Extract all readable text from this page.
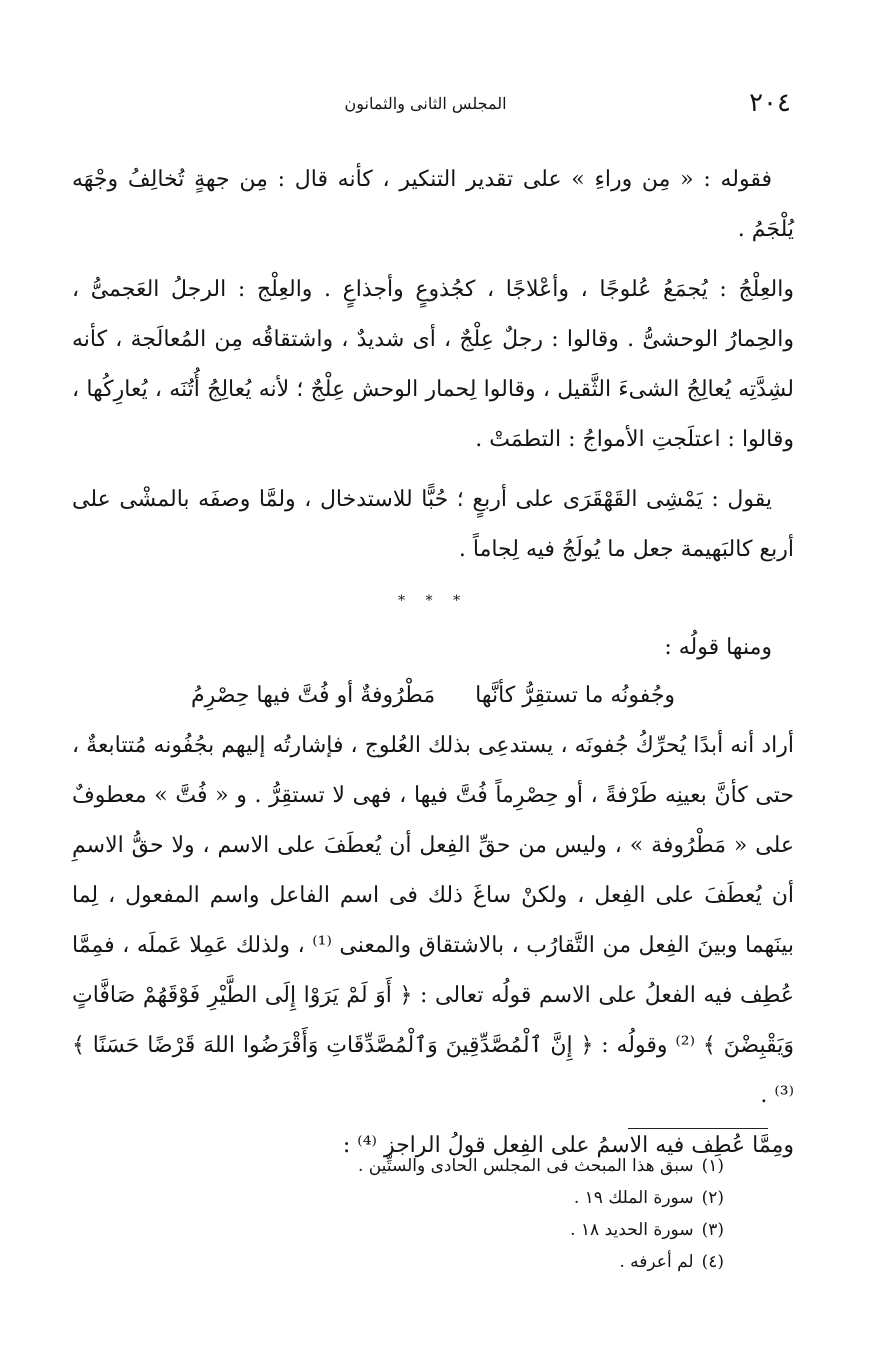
٢٠٤
المجلس الثانى والثمانون

فقوله : « مِن وراءِ » على تقدير التنكير ، كأنه قال : مِن جهةٍ تُخالِفُ وجْهَه يُلْجَمُ .

والعِلْجُ : يُجمَعُ عُلوجًا ، وأعْلاجًا ، كجُذوعٍ وأجذاعٍ . والعِلْج : الرجلُ العَجمىُّ ، والحِمارُ الوحشىُّ . وقالوا : رجلٌ عِلْجٌ ، أى شديدٌ ، واشتقاقُه مِن المُعالَجة ، كأنه لشِدَّتِه يُعالِجُ الشىءَ الثَّقيل ، وقالوا لِحمار الوحش عِلْجٌ ؛ لأنه يُعالِجُ أُتُنَه ، يُعارِكُها ، وقالوا : اعتلَجتِ الأمواجُ : التطمَتْ .

يقول : يَمْشِى القَهْقَرَى على أربعٍ ؛ حُبًّا للاستدخال ، ولمَّا وصفَه بالمشْى على أربع كالبَهيمة جعل ما يُولَجُ فيه لِجاماً .

* * *

ومنها قولُه :

وجُفونُه ما تستقِرُّ كأنَّها
مَطْرُوفةٌ أو فُتَّ فيها حِصْرِمُ

أراد أنه أبدًا يُحرِّكُ جُفونَه ، يستدعِى بذلك العُلوج ، فإشارتُه إليهم بجُفُونه مُتتابعةٌ ، حتى كأنَّ بعينِه طَرْفةً ، أو حِصْرِماً فُتَّ فيها ، فهى لا تستقِرُّ . و « فُتَّ » معطوفٌ على « مَطْرُوفة » ، وليس من حقِّ الفِعل أن يُعطَفَ على الاسم ، ولا حقُّ الاسمِ أن يُعطَفَ على الفِعل ، ولكنْ ساغَ ذلك فى اسم الفاعل واسم المفعول ، لِما بينَهما وبينَ الفِعل من التَّقارُب ، بالاشتقاق والمعنى ⁽¹⁾ ، ولذلك عَمِلا عَملَه ، فمِمَّا عُطِف فيه الفعلُ على الاسم قولُه تعالى : ﴿ أَوَ لَمْ يَرَوْا إِلَى الطَّيْرِ فَوْقَهُمْ صَافَّاتٍ وَيَقْبِضْنَ ﴾ ⁽²⁾ وقولُه : ﴿ إِنَّ ٱلْمُصَّدِّقِينَ وَٱلْمُصَّدِّقَاتِ وَأَقْرَضُوا اللهَ قَرْضًا حَسَنًا ﴾ ⁽³⁾ .

ومِمَّا عُطِف فيه الاسمُ على الفِعل قولُ الراجز ⁽⁴⁾ :

(١)
سبق هذا المبحث فى المجلس الحادى والستِّين .
(٢)
سورة الملك ١٩ .
(٣)
سورة الحديد ١٨ .
(٤)
لم أعرفه .
